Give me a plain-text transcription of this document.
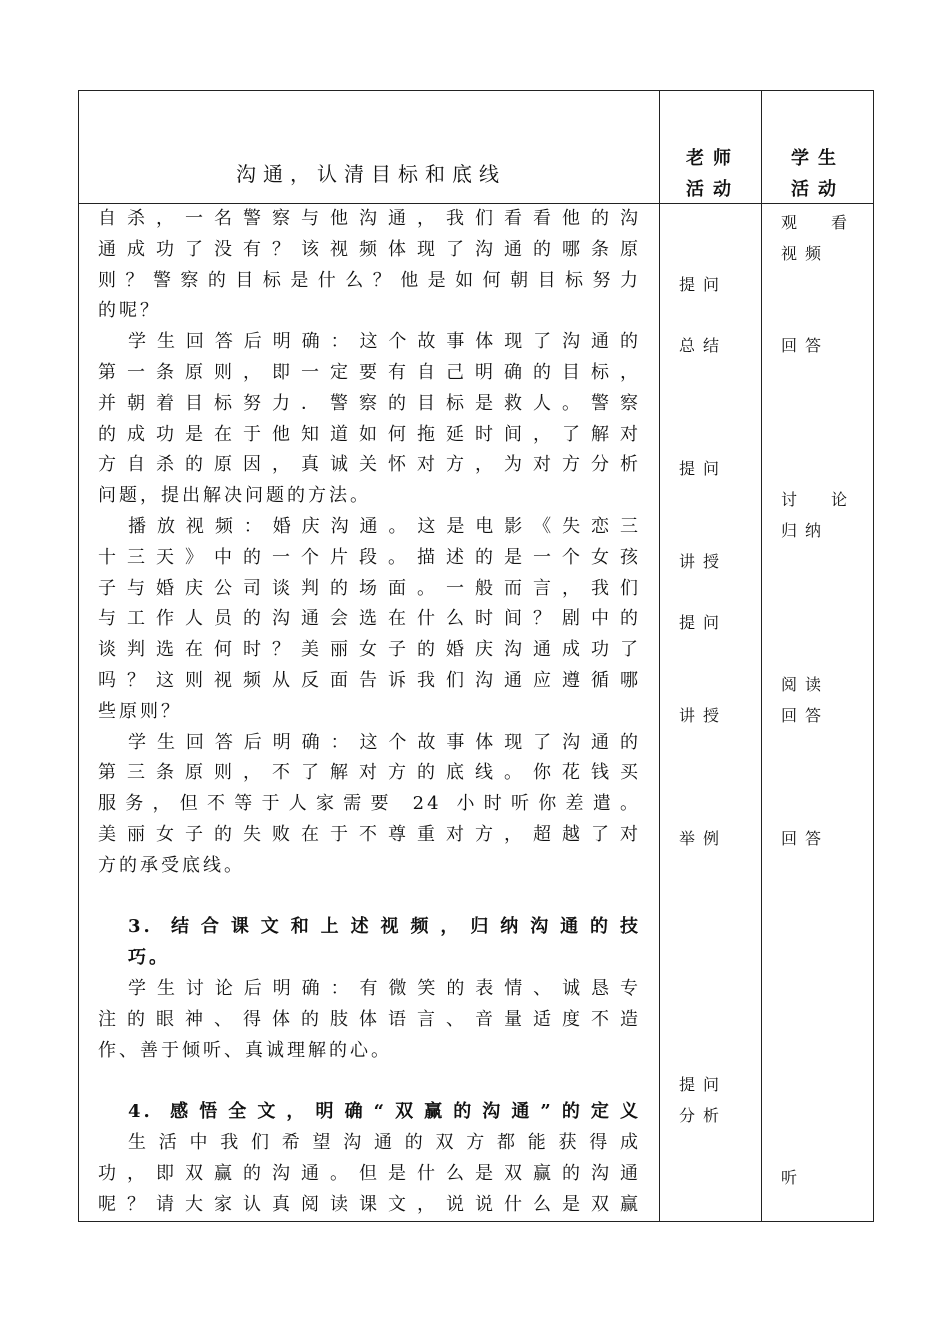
沟通，认清目标和底线
老师
活动
学生
活动
自杀，一名警察与他沟通，我们看看他的沟
通成功了没有？该视频体现了沟通的哪条原
则？警察的目标是什么？他是如何朝目标努力
的呢？
学生回答后明确：这个故事体现了沟通的
第一条原则，即一定要有自己明确的目标，
并朝着目标努力．警察的目标是救人。警察
的成功是在于他知道如何拖延时间，了解对
方自杀的原因，真诚关怀对方，为对方分析
问题，提出解决问题的方法。
播放视频：婚庆沟通。这是电影《失恋三
十三天》中的一个片段。描述的是一个女孩
子与婚庆公司谈判的场面。一般而言，我们
与工作人员的沟通会选在什么时间？剧中的
谈判选在何时？美丽女子的婚庆沟通成功了
吗？这则视频从反面告诉我们沟通应遵循哪
些原则？
学生回答后明确：这个故事体现了沟通的
第三条原则，不了解对方的底线。你花钱买
服务，但不等于人家需要 24 小时听你差遣。
美丽女子的失败在于不尊重对方，超越了对
方的承受底线。
3. 结合课文和上述视频，归纳沟通的技
巧。
学生讨论后明确：有微笑的表情、诚恳专
注的眼神、得体的肢体语言、音量适度不造
作、善于倾听、真诚理解的心。
4. 感悟全文，明确“双赢的沟通”的定义
生活中我们希望沟通的双方都能获得成
功，即双赢的沟通。但是什么是双赢的沟通
呢？请大家认真阅读课文，说说什么是双赢
提问
总结
提问
讲授
提问
讲授
举例
提问
分析
观看
视频
回答
讨论
归纳
阅读
回答
回答
听
